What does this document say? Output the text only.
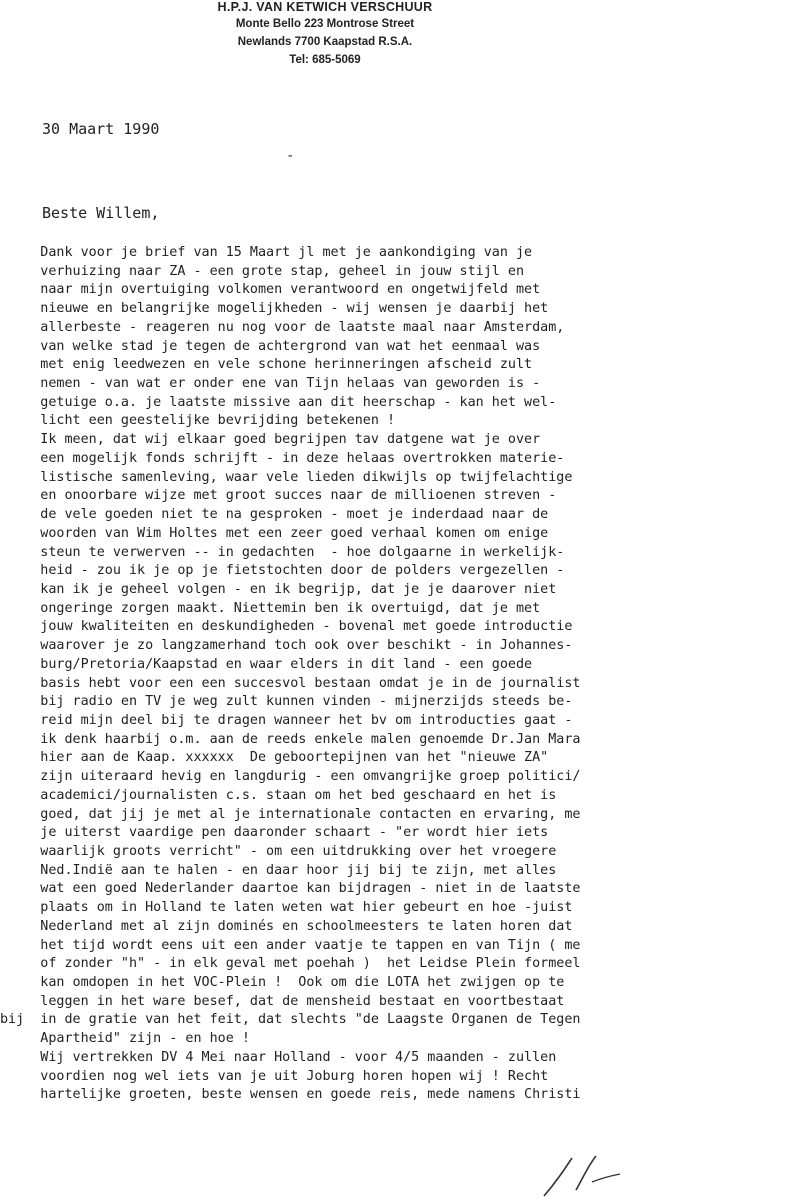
H.P.J. VAN KETWICH VERSCHUUR
Monte Bello 223 Montrose Street
Newlands 7700 Kaapstad R.S.A.
Tel: 685-5069
30 Maart 1990
-
Beste Willem,
Dank voor je brief van 15 Maart jl met je aankondiging van je
verhuizing naar ZA - een grote stap, geheel in jouw stijl en
naar mijn overtuiging volkomen verantwoord en ongetwijfeld met
nieuwe en belangrijke mogelijkheden - wij wensen je daarbij het
allerbeste - reageren nu nog voor de laatste maal naar Amsterdam,
van welke stad je tegen de achtergrond van wat het eenmaal was
met enig leedwezen en vele schone herinneringen afscheid zult
nemen - van wat er onder ene van Tijn helaas van geworden is -
getuige o.a. je laatste missive aan dit heerschap - kan het wel-
licht een geestelijke bevrijding betekenen !
Ik meen, dat wij elkaar goed begrijpen tav datgene wat je over
een mogelijk fonds schrijft - in deze helaas overtrokken materie-
listische samenleving, waar vele lieden dikwijls op twijfelachtige
en onoorbare wijze met groot succes naar de millioenen streven -
de vele goeden niet te na gesproken - moet je inderdaad naar de
woorden van Wim Holtes met een zeer goed verhaal komen om enige
steun te verwerven -- in gedachten  - hoe dolgaarne in werkelijk-
heid - zou ik je op je fietstochten door de polders vergezellen -
kan ik je geheel volgen - en ik begrijp, dat je je daarover niet
ongeringe zorgen maakt. Niettemin ben ik overtuigd, dat je met
jouw kwaliteiten en deskundigheden - bovenal met goede introductie
waarover je zo langzamerhand toch ook over beschikt - in Johannes-
burg/Pretoria/Kaapstad en waar elders in dit land - een goede
basis hebt voor een een succesvol bestaan omdat je in de journalist
bij radio en TV je weg zult kunnen vinden - mijnerzijds steeds be-
reid mijn deel bij te dragen wanneer het bv om introducties gaat -
ik denk haarbij o.m. aan de reeds enkele malen genoemde Dr.Jan Mara
hier aan de Kaap. xxxxxx  De geboortepijnen van het "nieuwe ZA"
zijn uiteraard hevig en langdurig - een omvangrijke groep politici/
academici/journalisten c.s. staan om het bed geschaard en het is
goed, dat jij je met al je internationale contacten en ervaring, me
je uiterst vaardige pen daaronder schaart - "er wordt hier iets
waarlijk groots verricht" - om een uitdrukking over het vroegere
Ned.Indië aan te halen - en daar hoor jij bij te zijn, met alles
wat een goed Nederlander daartoe kan bijdragen - niet in de laatste
plaats om in Holland te laten weten wat hier gebeurt en hoe -juist
Nederland met al zijn dominés en schoolmeesters te laten horen dat
het tijd wordt eens uit een ander vaatje te tappen en van Tijn ( me
of zonder "h" - in elk geval met poehah )  het Leidse Plein formeel
kan omdopen in het VOC-Plein !  Ook om die LOTA het zwijgen op te
leggen in het ware besef, dat de mensheid bestaat en voortbestaat
bij  in de gratie van het feit, dat slechts "de Laagste Organen de Tegen
Apartheid" zijn - en hoe !
Wij vertrekken DV 4 Mei naar Holland - voor 4/5 maanden - zullen
voordien nog wel iets van je uit Joburg horen hopen wij ! Recht
hartelijke groeten, beste wensen en goede reis, mede namens Christi
